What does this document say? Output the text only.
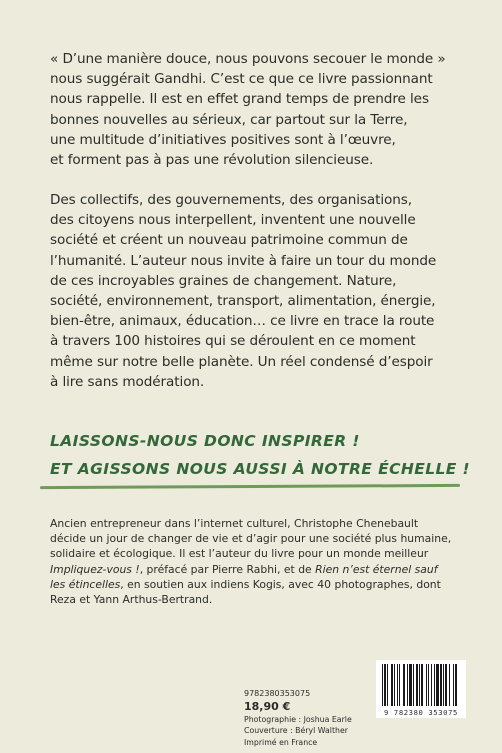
« D’une manière douce, nous pouvons secouer le monde »
nous suggérait Gandhi. C’est ce que ce livre passionnant
nous rappelle. Il est en effet grand temps de prendre les
bonnes nouvelles au sérieux, car partout sur la Terre,
une multitude d’initiatives positives sont à l’œuvre,
et forment pas à pas une révolution silencieuse.

Des collectifs, des gouvernements, des organisations,
des citoyens nous interpellent, inventent une nouvelle
société et créent un nouveau patrimoine commun de
l’humanité. L’auteur nous invite à faire un tour du monde
de ces incroyables graines de changement. Nature,
société, environnement, transport, alimentation, énergie,
bien-être, animaux, éducation… ce livre en trace la route
à travers 100 histoires qui se déroulent en ce moment
même sur notre belle planète. Un réel condensé d’espoir
à lire sans modération.

LAISSONS-NOUS DONC INSPIRER !
ET AGISSONS NOUS AUSSI À NOTRE ÉCHELLE !

Ancien entrepreneur dans l’internet culturel, Christophe Chenebault
décide un jour de changer de vie et d’agir pour une société plus humaine,
solidaire et écologique. Il est l’auteur du livre pour un monde meilleur
Impliquez-vous !, préfacé par Pierre Rabhi, et de Rien n’est éternel sauf
les étincelles, en soutien aux indiens Kogis, avec 40 photographes, dont
Reza et Yann Arthus-Bertrand.

9782380353075
18,90 €
Photographie : Joshua Earle
Couverture : Béryl Walther
Imprimé en France
9 782380 353075
